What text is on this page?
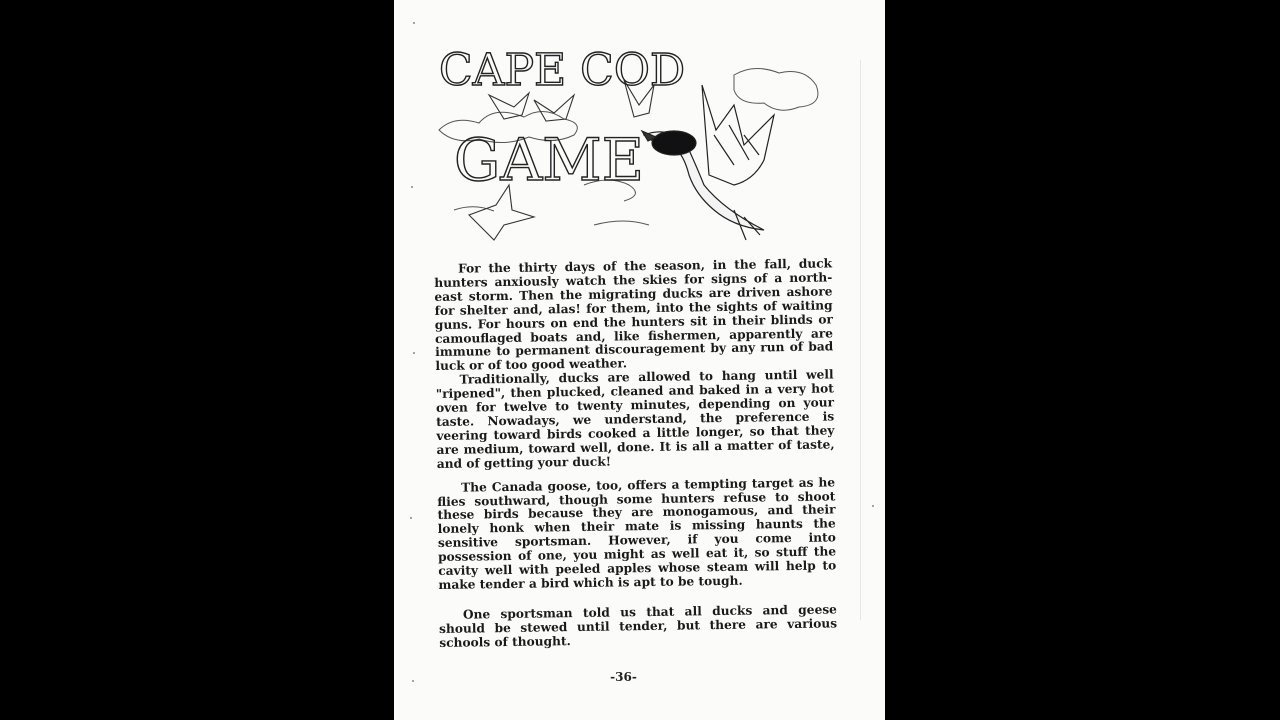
CAPE COD
GAME

For the thirty days of the season, in the fall, duck hunters anxiously watch the skies for signs of a north-east storm. Then the migrating ducks are driven ashore for shelter and, alas! for them, into the sights of waiting guns. For hours on end the hunters sit in their blinds or camouflaged boats and, like fishermen, apparently are immune to permanent discouragement by any run of bad luck or of too good weather.

Traditionally, ducks are allowed to hang until well "ripened", then plucked, cleaned and baked in a very hot oven for twelve to twenty minutes, depending on your taste. Nowadays, we understand, the preference is veering toward birds cooked a little longer, so that they are medium, toward well, done. It is all a matter of taste, and of getting your duck!

The Canada goose, too, offers a tempting target as he flies southward, though some hunters refuse to shoot these birds because they are monogamous, and their lonely honk when their mate is missing haunts the sensitive sportsman. However, if you come into possession of one, you might as well eat it, so stuff the cavity well with peeled apples whose steam will help to make tender a bird which is apt to be tough.

One sportsman told us that all ducks and geese should be stewed until tender, but there are various schools of thought.

-36-
